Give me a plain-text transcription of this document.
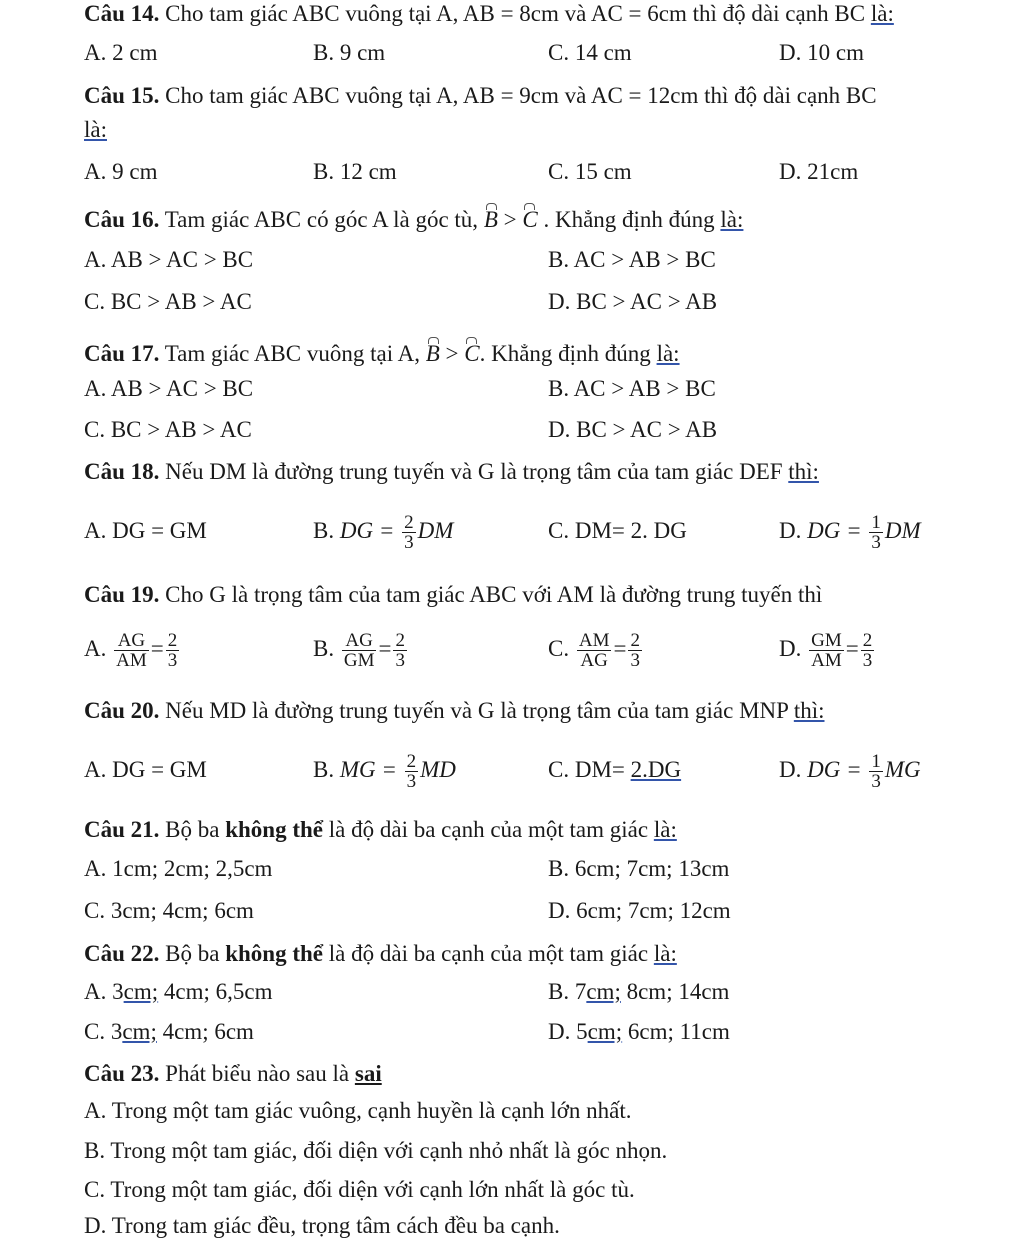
Câu 14. Cho tam giác ABC vuông tại A, AB = 8cm và AC = 6cm thì độ dài cạnh BC là:
A. 2 cm	B. 9 cm	C. 14 cm	D. 10 cm
Câu 15. Cho tam giác ABC vuông tại A, AB = 9cm và AC = 12cm thì độ dài cạnh BC
là:
A. 9 cm	B. 12 cm	C. 15 cm	D. 21cm
Câu 16. Tam giác ABC có góc A là góc tù, B > C . Khẳng định đúng là:
A. AB > AC > BC	B. AC > AB > BC
C. BC > AB > AC	D. BC > AC > AB
Câu 17. Tam giác ABC vuông tại A, B > C. Khẳng định đúng là:
A. AB > AC > BC	B. AC > AB > BC
C. BC > AB > AC	D. BC > AC > AB
Câu 18. Nếu DM là đường trung tuyến và G là trọng tâm của tam giác DEF thì:
A. DG = GM	B. DG = $\frac{2}{3}$ DM	C. DM= 2. DG	D. DG = $\frac{1}{3}$ DM
Câu 19. Cho G là trọng tâm của tam giác ABC với AM là đường trung tuyến thì
A. $\frac{AG}{AM} = \frac{2}{3}$	B. $\frac{AG}{GM} = \frac{2}{3}$	C. $\frac{AM}{AG} = \frac{2}{3}$	D. $\frac{GM}{AM} = \frac{2}{3}$
Câu 20. Nếu MD là đường trung tuyến và G là trọng tâm của tam giác MNP thì:
A. DG = GM	B. MG = $\frac{2}{3}$ MD	C. DM= 2.DG	D. DG = $\frac{1}{3}$ MG
Câu 21. Bộ ba không thể là độ dài ba cạnh của một tam giác là:
A. 1cm; 2cm; 2,5cm	B. 6cm; 7cm; 13cm
C. 3cm; 4cm; 6cm	D. 6cm; 7cm; 12cm
Câu 22. Bộ ba không thể là độ dài ba cạnh của một tam giác là:
A. 3cm; 4cm; 6,5cm	B. 7cm; 8cm; 14cm
C. 3cm; 4cm; 6cm	D. 5cm; 6cm; 11cm
Câu 23. Phát biểu nào sau là sai
A. Trong một tam giác vuông, cạnh huyền là cạnh lớn nhất.
B. Trong một tam giác, đối diện với cạnh nhỏ nhất là góc nhọn.
C. Trong một tam giác, đối diện với cạnh lớn nhất là góc tù.
D. Trong tam giác đều, trọng tâm cách đều ba cạnh.
